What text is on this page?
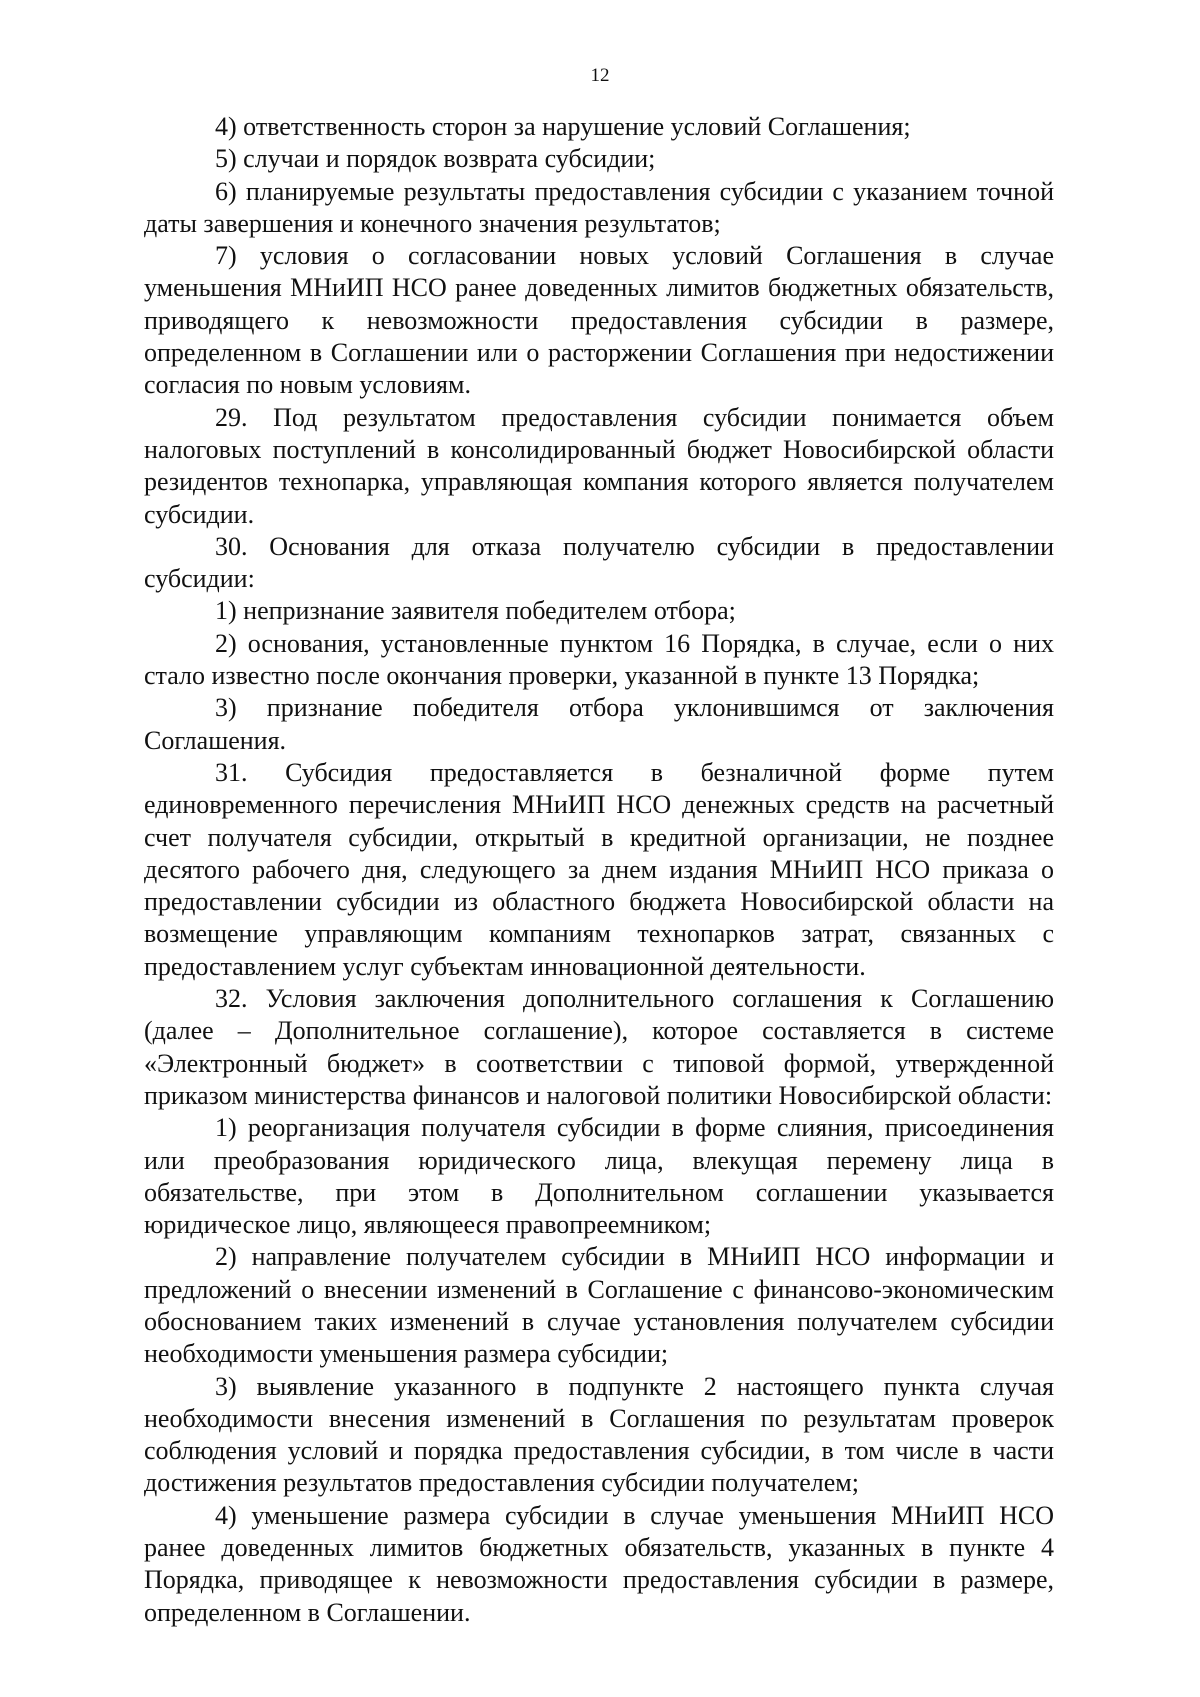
12

4) ответственность сторон за нарушение условий Соглашения;

5) случаи и порядок возврата субсидии;

6) планируемые результаты предоставления субсидии с указанием точной даты завершения и конечного значения результатов;

7) условия о согласовании новых условий Соглашения в случае уменьшения МНиИП НСО ранее доведенных лимитов бюджетных обязательств, приводящего к невозможности предоставления субсидии в размере, определенном в Соглашении или о расторжении Соглашения при недостижении согласия по новым условиям.

29. Под результатом предоставления субсидии понимается объем налоговых поступлений в консолидированный бюджет Новосибирской области резидентов технопарка, управляющая компания которого является получателем субсидии.

30. Основания для отказа получателю субсидии в предоставлении субсидии:

1) непризнание заявителя победителем отбора;

2) основания, установленные пунктом 16 Порядка, в случае, если о них стало известно после окончания проверки, указанной в пункте 13 Порядка;

3) признание победителя отбора уклонившимся от заключения Соглашения.

31. Субсидия предоставляется в безналичной форме путем единовременного перечисления МНиИП НСО денежных средств на расчетный счет получателя субсидии, открытый в кредитной организации, не позднее десятого рабочего дня, следующего за днем издания МНиИП НСО приказа о предоставлении субсидии из областного бюджета Новосибирской области на возмещение управляющим компаниям технопарков затрат, связанных с предоставлением услуг субъектам инновационной деятельности.

32. Условия заключения дополнительного соглашения к Соглашению (далее – Дополнительное соглашение), которое составляется в системе «Электронный бюджет» в соответствии с типовой формой, утвержденной приказом министерства финансов и налоговой политики Новосибирской области:

1) реорганизация получателя субсидии в форме слияния, присоединения или преобразования юридического лица, влекущая перемену лица в обязательстве, при этом в Дополнительном соглашении указывается юридическое лицо, являющееся правопреемником;

2) направление получателем субсидии в МНиИП НСО информации и предложений о внесении изменений в Соглашение с финансово-экономическим обоснованием таких изменений в случае установления получателем субсидии необходимости уменьшения размера субсидии;

3) выявление указанного в подпункте 2 настоящего пункта случая необходимости внесения изменений в Соглашения по результатам проверок соблюдения условий и порядка предоставления субсидии, в том числе в части достижения результатов предоставления субсидии получателем;

4) уменьшение размера субсидии в случае уменьшения МНиИП НСО ранее доведенных лимитов бюджетных обязательств, указанных в пункте 4 Порядка, приводящее к невозможности предоставления субсидии в размере, определенном в Соглашении.
